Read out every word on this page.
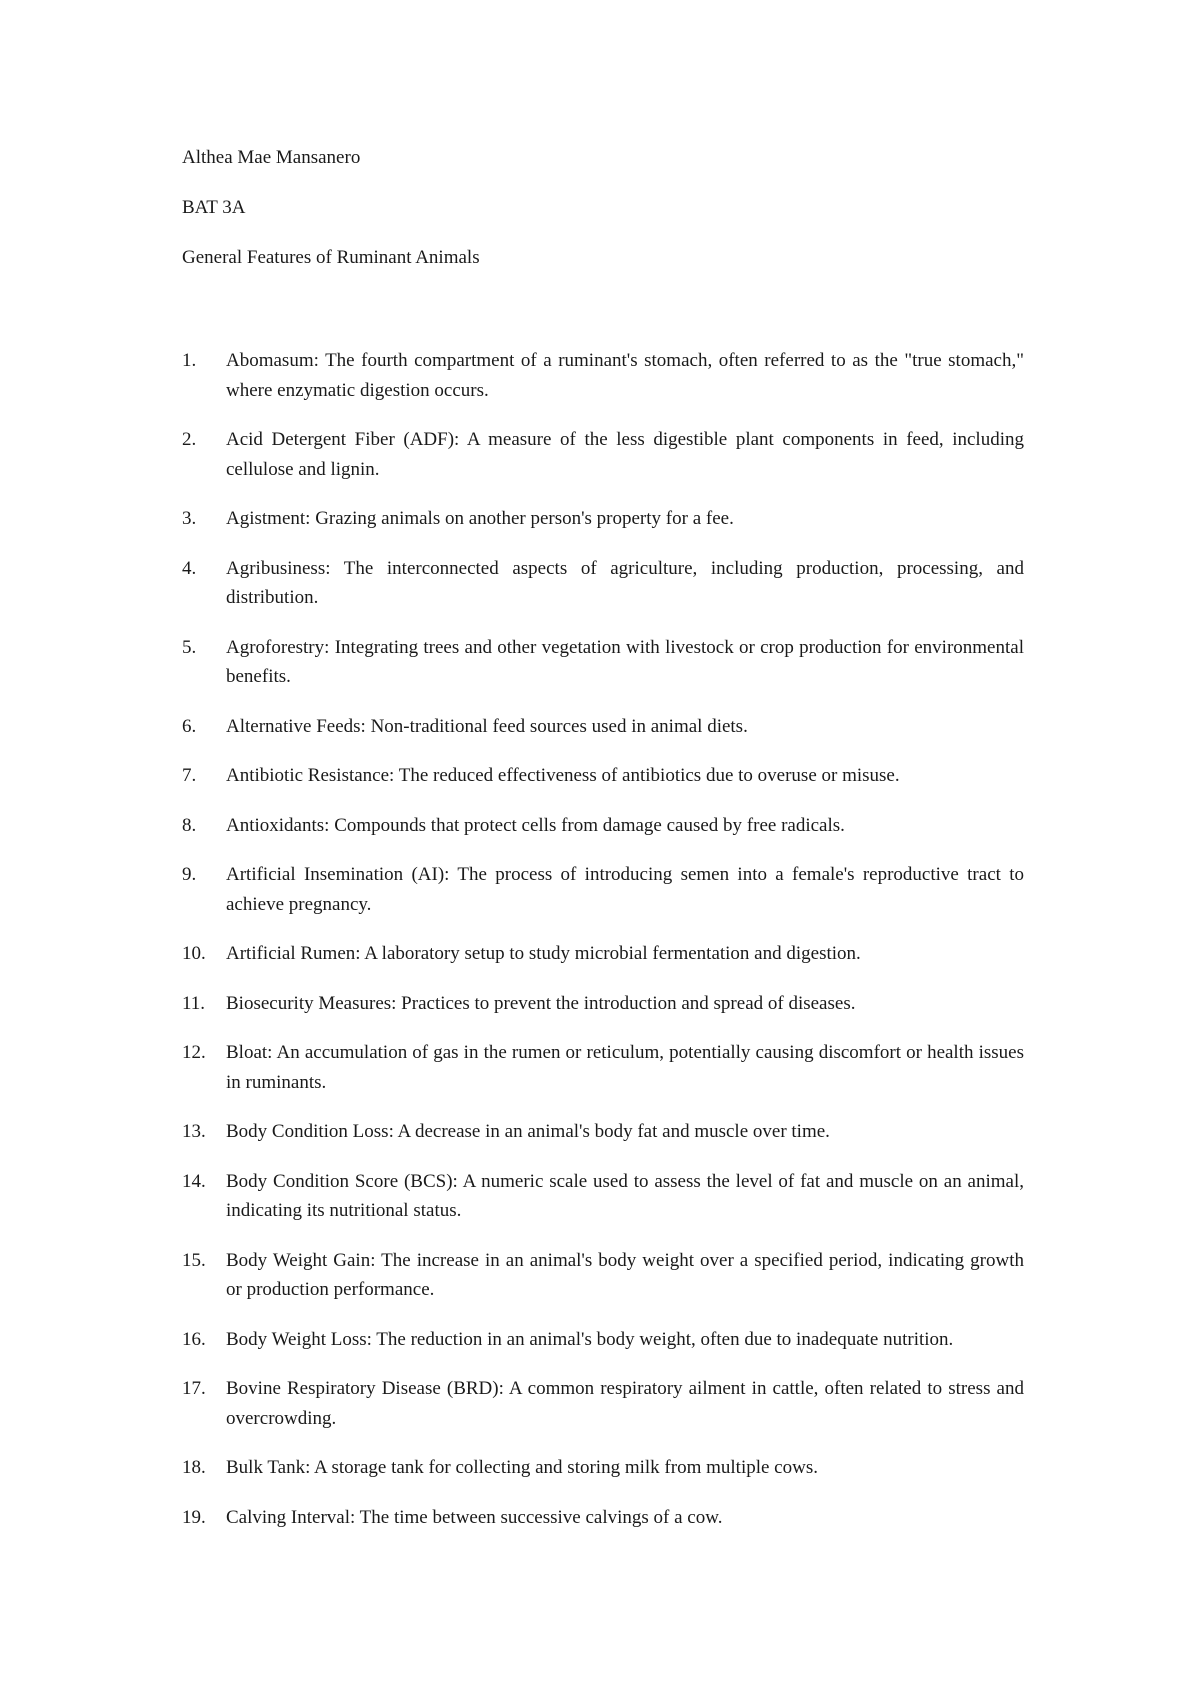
Althea Mae Mansanero
BAT 3A
General Features of Ruminant Animals
1.	Abomasum: The fourth compartment of a ruminant's stomach, often referred to as the "true stomach," where enzymatic digestion occurs.
2.	Acid Detergent Fiber (ADF): A measure of the less digestible plant components in feed, including cellulose and lignin.
3.	Agistment: Grazing animals on another person's property for a fee.
4.	Agribusiness: The interconnected aspects of agriculture, including production, processing, and distribution.
5.	Agroforestry: Integrating trees and other vegetation with livestock or crop production for environmental benefits.
6.	Alternative Feeds: Non-traditional feed sources used in animal diets.
7.	Antibiotic Resistance: The reduced effectiveness of antibiotics due to overuse or misuse.
8.	Antioxidants: Compounds that protect cells from damage caused by free radicals.
9.	Artificial Insemination (AI): The process of introducing semen into a female's reproductive tract to achieve pregnancy.
10.	Artificial Rumen: A laboratory setup to study microbial fermentation and digestion.
11.	Biosecurity Measures: Practices to prevent the introduction and spread of diseases.
12.	Bloat: An accumulation of gas in the rumen or reticulum, potentially causing discomfort or health issues in ruminants.
13.	Body Condition Loss: A decrease in an animal's body fat and muscle over time.
14.	Body Condition Score (BCS): A numeric scale used to assess the level of fat and muscle on an animal, indicating its nutritional status.
15.	Body Weight Gain: The increase in an animal's body weight over a specified period, indicating growth or production performance.
16.	Body Weight Loss: The reduction in an animal's body weight, often due to inadequate nutrition.
17.	Bovine Respiratory Disease (BRD): A common respiratory ailment in cattle, often related to stress and overcrowding.
18.	Bulk Tank: A storage tank for collecting and storing milk from multiple cows.
19.	Calving Interval: The time between successive calvings of a cow.
